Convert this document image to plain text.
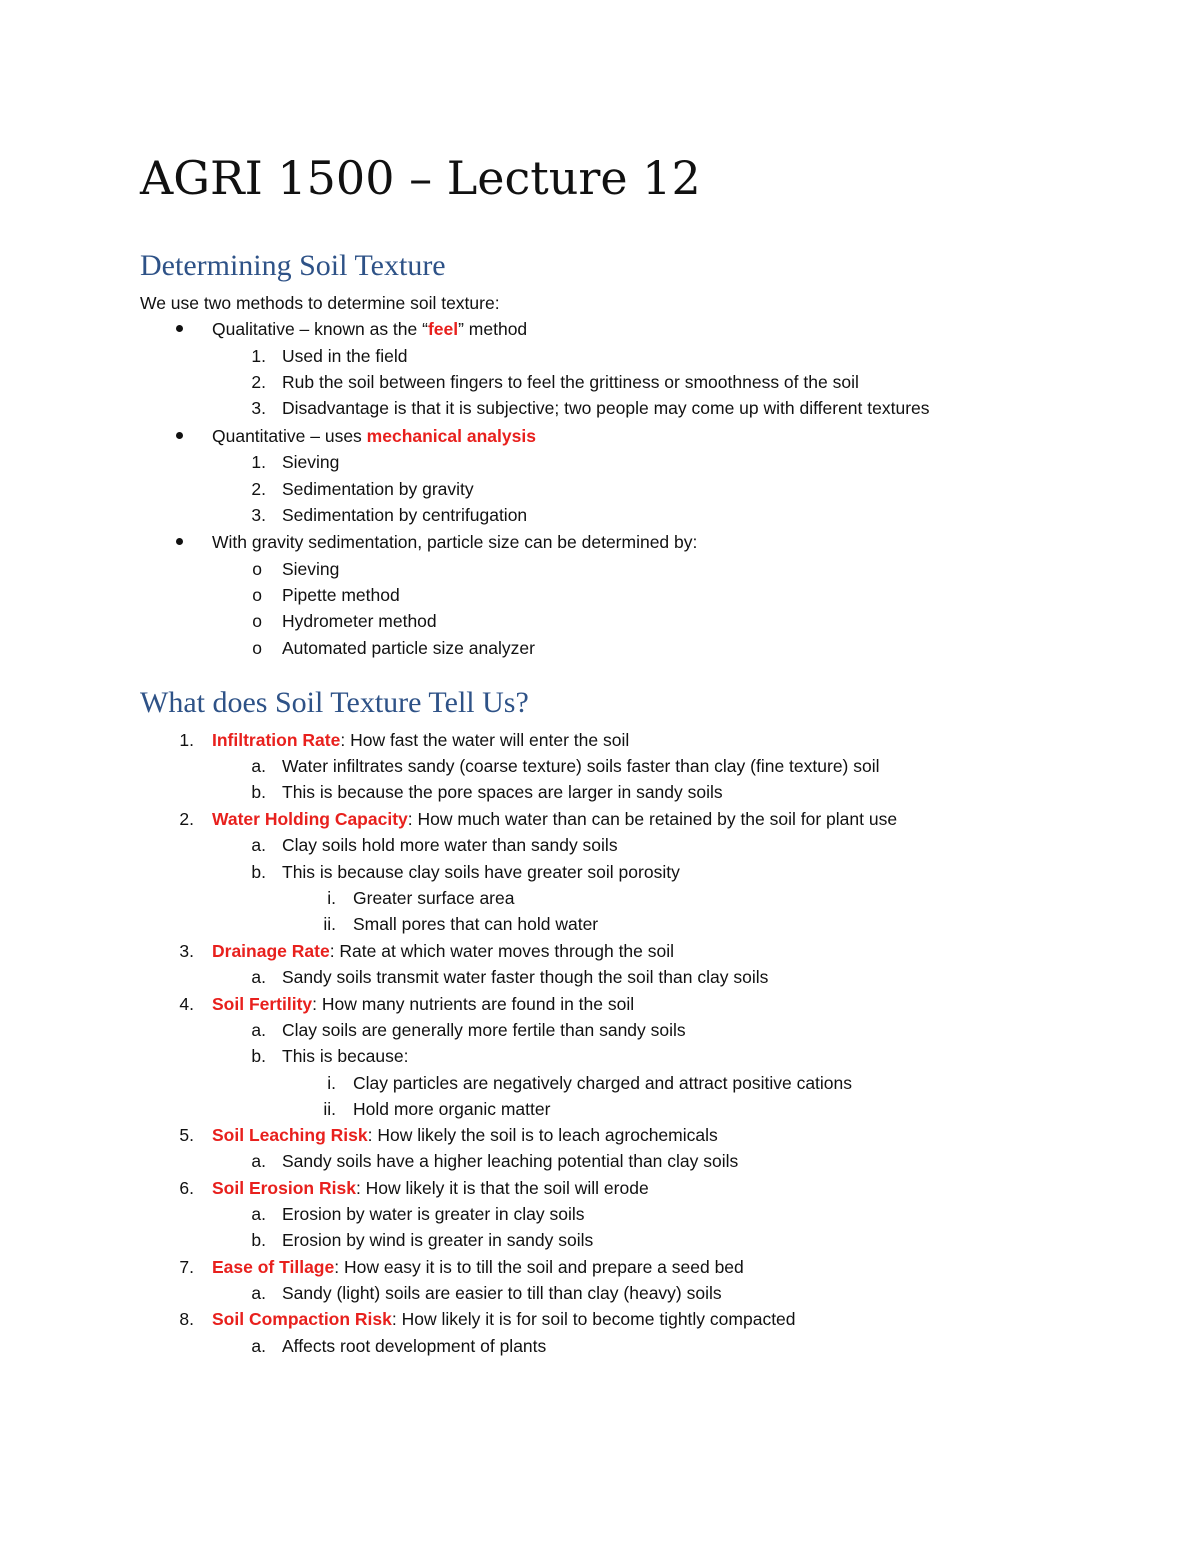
AGRI 1500 – Lecture 12
Determining Soil Texture
We use two methods to determine soil texture:
Qualitative – known as the “feel” method
1. Used in the field
2. Rub the soil between fingers to feel the grittiness or smoothness of the soil
3. Disadvantage is that it is subjective; two people may come up with different textures
Quantitative – uses mechanical analysis
1. Sieving
2. Sedimentation by gravity
3. Sedimentation by centrifugation
With gravity sedimentation, particle size can be determined by:
o Sieving
o Pipette method
o Hydrometer method
o Automated particle size analyzer
What does Soil Texture Tell Us?
1. Infiltration Rate: How fast the water will enter the soil
a. Water infiltrates sandy (coarse texture) soils faster than clay (fine texture) soil
b. This is because the pore spaces are larger in sandy soils
2. Water Holding Capacity: How much water than can be retained by the soil for plant use
a. Clay soils hold more water than sandy soils
b. This is because clay soils have greater soil porosity
i. Greater surface area
ii. Small pores that can hold water
3. Drainage Rate: Rate at which water moves through the soil
a. Sandy soils transmit water faster though the soil than clay soils
4. Soil Fertility: How many nutrients are found in the soil
a. Clay soils are generally more fertile than sandy soils
b. This is because:
i. Clay particles are negatively charged and attract positive cations
ii. Hold more organic matter
5. Soil Leaching Risk: How likely the soil is to leach agrochemicals
a. Sandy soils have a higher leaching potential than clay soils
6. Soil Erosion Risk: How likely it is that the soil will erode
a. Erosion by water is greater in clay soils
b. Erosion by wind is greater in sandy soils
7. Ease of Tillage: How easy it is to till the soil and prepare a seed bed
a. Sandy (light) soils are easier to till than clay (heavy) soils
8. Soil Compaction Risk: How likely it is for soil to become tightly compacted
a. Affects root development of plants
